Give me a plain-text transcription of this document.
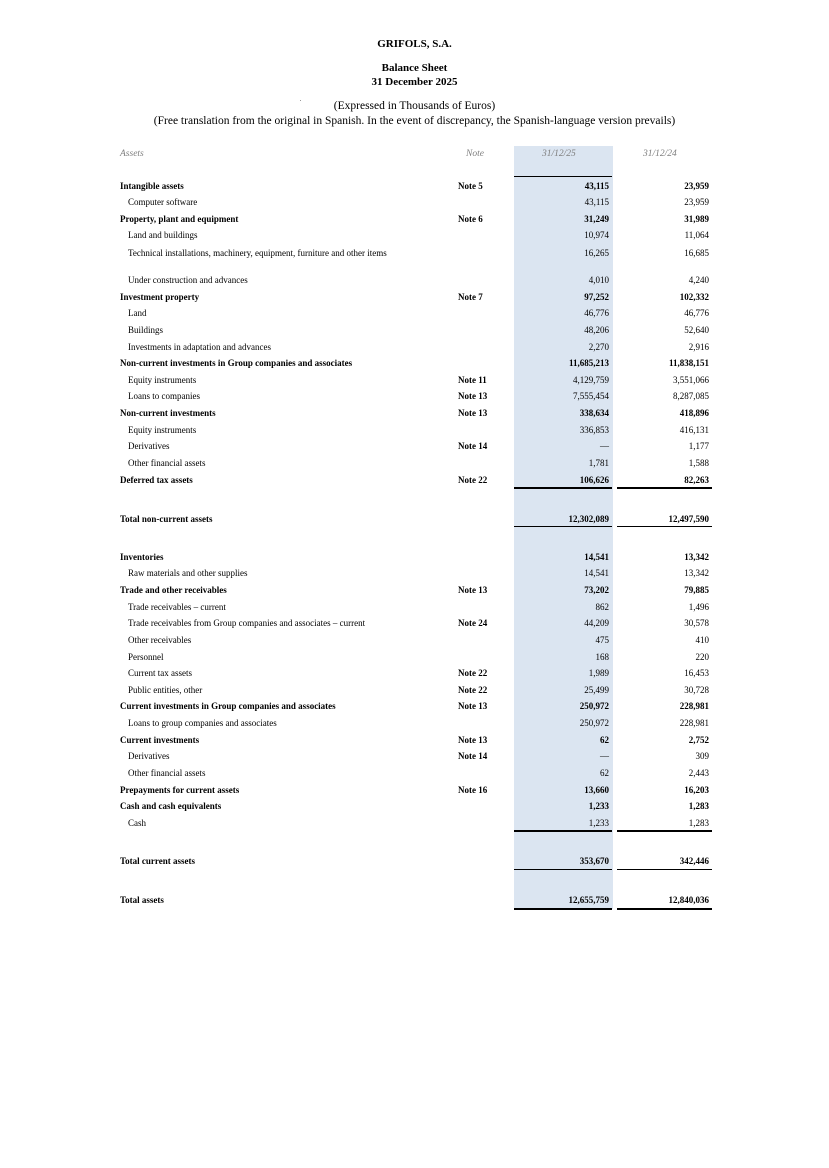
GRIFOLS, S.A.
Balance Sheet
31 December 2025
(Expressed in Thousands of Euros)
(Free translation from the original in Spanish. In the event of discrepancy, the Spanish-language version prevails)
Assets	Note	31/12/25	31/12/24
Intangible assets	Note 5	43,115	23,959
Computer software	43,115	23,959
Property, plant and equipment	Note 6	31,249	31,989
Land and buildings	10,974	11,064
Technical installations, machinery, equipment, furniture and other items	16,265	16,685
Under construction and advances	4,010	4,240
Investment property	Note 7	97,252	102,332
Land	46,776	46,776
Buildings	48,206	52,640
Investments in adaptation and advances	2,270	2,916
Non-current investments in Group companies and associates	11,685,213	11,838,151
Equity instruments	Note 11	4,129,759	3,551,066
Loans to companies	Note 13	7,555,454	8,287,085
Non-current investments	Note 13	338,634	418,896
Equity instruments	336,853	416,131
Derivatives	Note 14	—	1,177
Other financial assets	1,781	1,588
Deferred tax assets	Note 22	106,626	82,263
Total non-current assets	12,302,089	12,497,590
Inventories	14,541	13,342
Raw materials and other supplies	14,541	13,342
Trade and other receivables	Note 13	73,202	79,885
Trade receivables – current	862	1,496
Trade receivables from Group companies and associates – current	Note 24	44,209	30,578
Other receivables	475	410
Personnel	168	220
Current tax assets	Note 22	1,989	16,453
Public entities, other	Note 22	25,499	30,728
Current investments in Group companies and associates	Note 13	250,972	228,981
Loans to group companies and associates	250,972	228,981
Current investments	Note 13	62	2,752
Derivatives	Note 14	—	309
Other financial assets	62	2,443
Prepayments for current assets	Note 16	13,660	16,203
Cash and cash equivalents	1,233	1,283
Cash	1,233	1,283
Total current assets	353,670	342,446
Total assets	12,655,759	12,840,036
